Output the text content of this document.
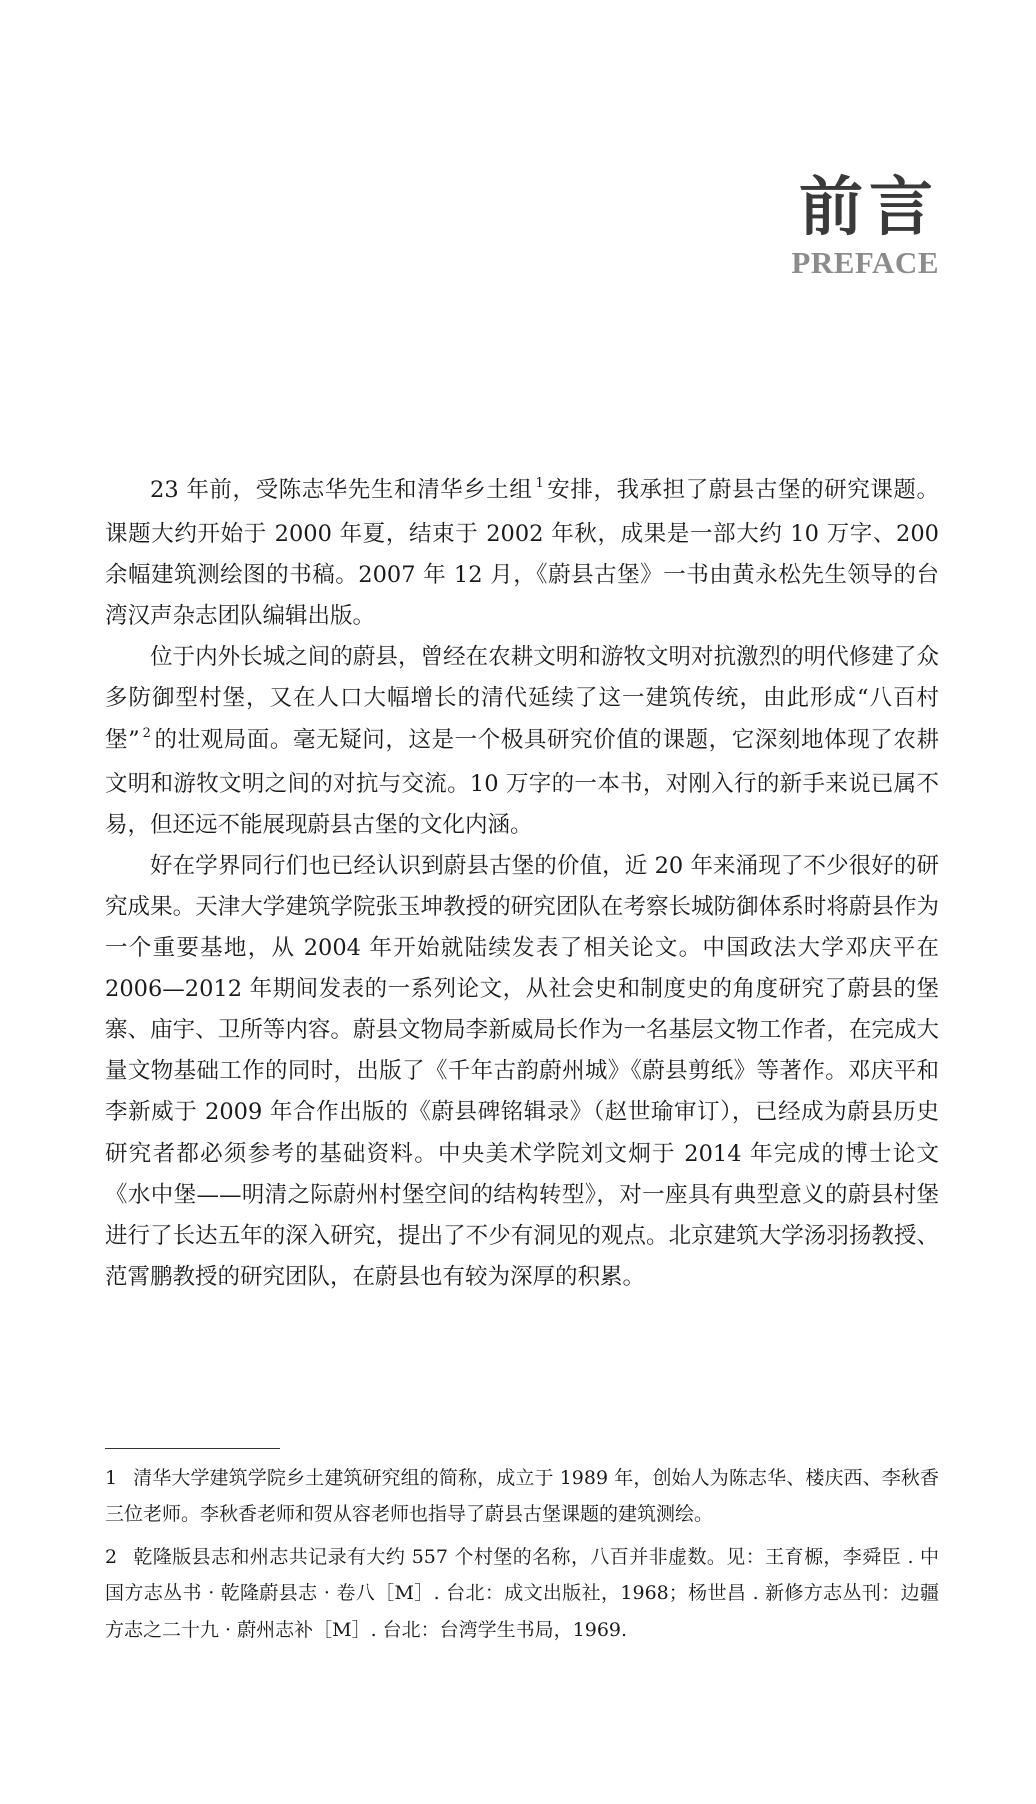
前言
PREFACE

23 年前，受陈志华先生和清华乡土组 $^1$ 安排，我承担了蔚县古堡的研究课题。课题大约开始于 2000 年夏，结束于 2002 年秋，成果是一部大约 10 万字、200 余幅建筑测绘图的书稿。2007 年 12 月，《蔚县古堡》一书由黄永松先生领导的台湾汉声杂志团队编辑出版。

位于内外长城之间的蔚县，曾经在农耕文明和游牧文明对抗激烈的明代修建了众多防御型村堡，又在人口大幅增长的清代延续了这一建筑传统，由此形成“八百村堡” $^2$ 的壮观局面。毫无疑问，这是一个极具研究价值的课题，它深刻地体现了农耕文明和游牧文明之间的对抗与交流。10 万字的一本书，对刚入行的新手来说已属不易，但还远不能展现蔚县古堡的文化内涵。

好在学界同行们也已经认识到蔚县古堡的价值，近 20 年来涌现了不少很好的研究成果。天津大学建筑学院张玉坤教授的研究团队在考察长城防御体系时将蔚县作为一个重要基地，从 2004 年开始就陆续发表了相关论文。中国政法大学邓庆平在 2006—2012 年期间发表的一系列论文，从社会史和制度史的角度研究了蔚县的堡寨、庙宇、卫所等内容。蔚县文物局李新威局长作为一名基层文物工作者，在完成大量文物基础工作的同时，出版了《千年古韵蔚州城》《蔚县剪纸》等著作。邓庆平和李新威于 2009 年合作出版的《蔚县碑铭辑录》（赵世瑜审订），已经成为蔚县历史研究者都必须参考的基础资料。中央美术学院刘文炯于 2014 年完成的博士论文《水中堡——明清之际蔚州村堡空间的结构转型》，对一座具有典型意义的蔚县村堡进行了长达五年的深入研究，提出了不少有洞见的观点。北京建筑大学汤羽扬教授、范霄鹏教授的研究团队，在蔚县也有较为深厚的积累。

1 清华大学建筑学院乡土建筑研究组的简称，成立于 1989 年，创始人为陈志华、楼庆西、李秋香三位老师。李秋香老师和贺从容老师也指导了蔚县古堡课题的建筑测绘。

2 乾隆版县志和州志共记录有大约 557 个村堡的名称，八百并非虚数。见：王育榞，李舜臣 . 中国方志丛书 · 乾隆蔚县志 · 卷八［M］. 台北：成文出版社，1968；杨世昌 . 新修方志丛刊：边疆方志之二十九 · 蔚州志补［M］. 台北：台湾学生书局，1969.
